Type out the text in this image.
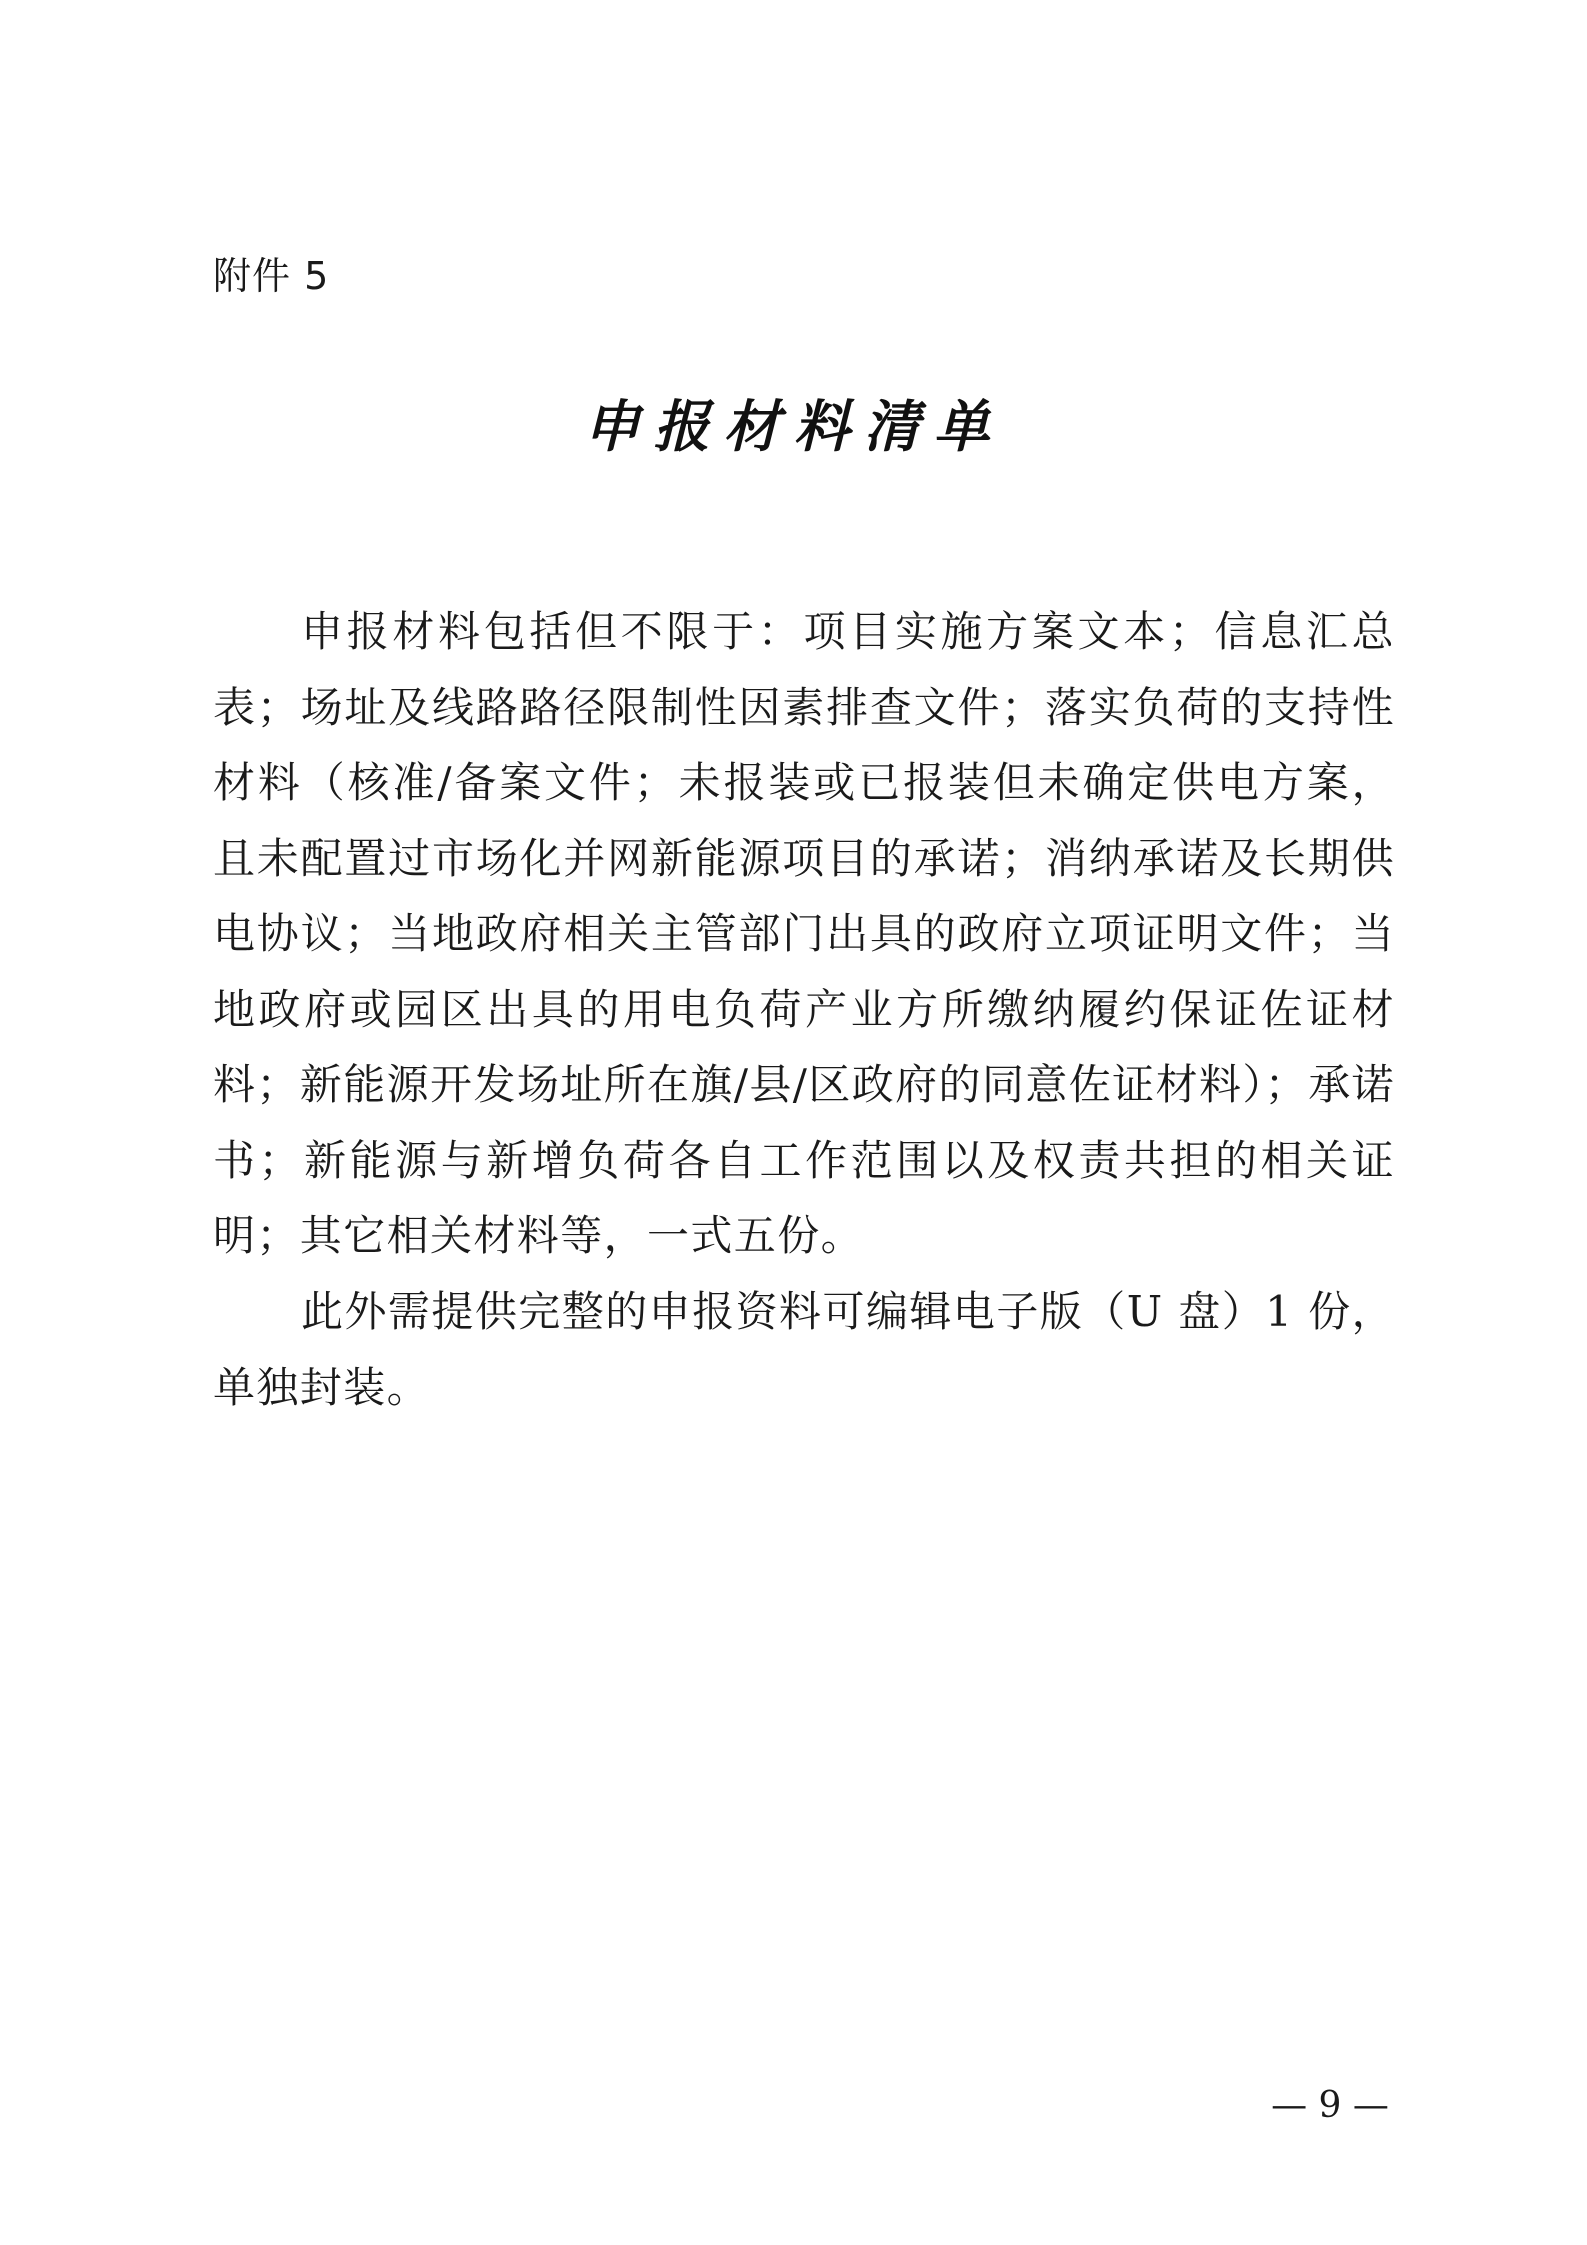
附件 5
申报材料清单

申报材料包括但不限于：项目实施方案文本；信息汇总表；场址及线路路径限制性因素排查文件；落实负荷的支持性材料（核准/备案文件；未报装或已报装但未确定供电方案，且未配置过市场化并网新能源项目的承诺；消纳承诺及长期供电协议；当地政府相关主管部门出具的政府立项证明文件；当地政府或园区出具的用电负荷产业方所缴纳履约保证佐证材料；新能源开发场址所在旗/县/区政府的同意佐证材料）；承诺书；新能源与新增负荷各自工作范围以及权责共担的相关证明；其它相关材料等，一式五份。

此外需提供完整的申报资料可编辑电子版（U 盘）1 份，单独封装。

— 9 —
